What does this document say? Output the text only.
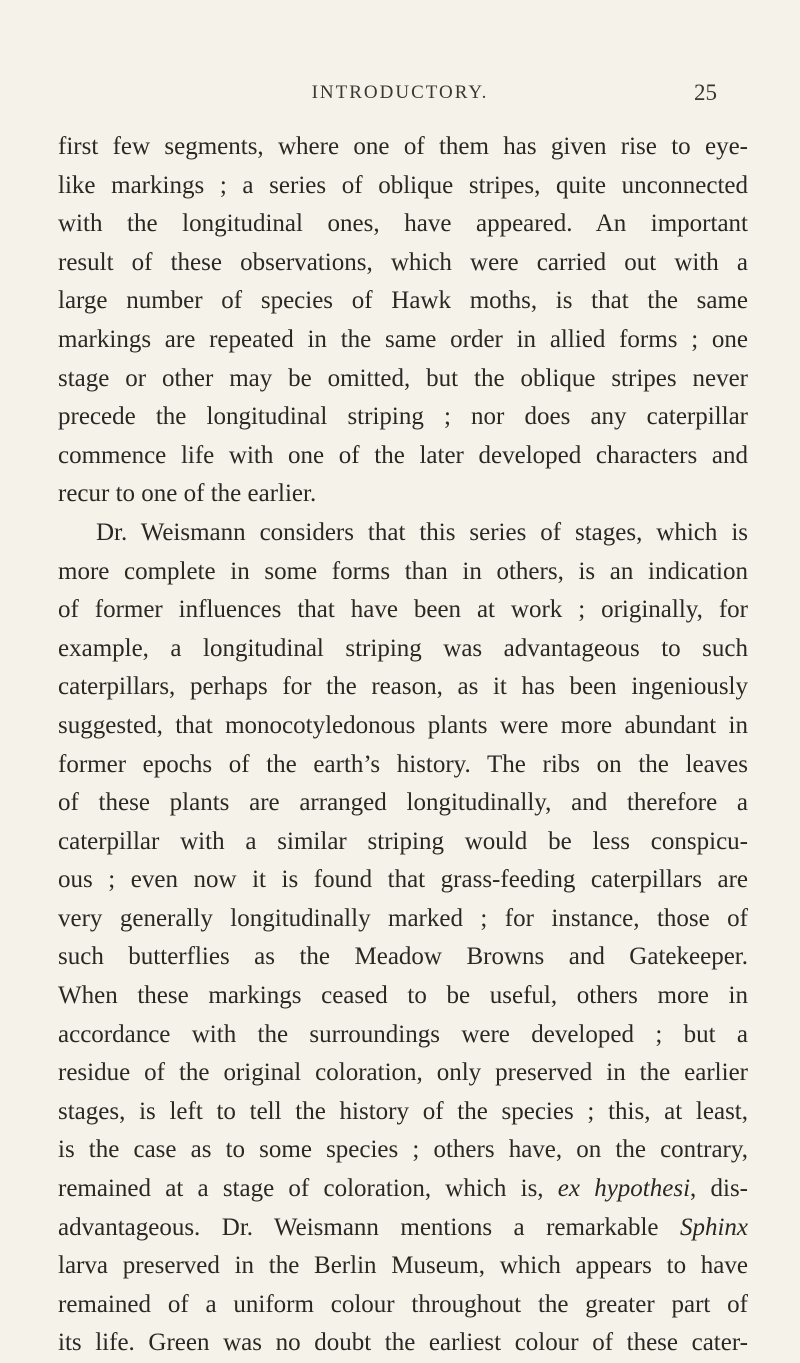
INTRODUCTORY.	25
first few segments, where one of them has given rise to eye-
like markings ; a series of oblique stripes, quite unconnected
with the longitudinal ones, have appeared. An important
result of these observations, which were carried out with a
large number of species of Hawk moths, is that the same
markings are repeated in the same order in allied forms ; one
stage or other may be omitted, but the oblique stripes never
precede the longitudinal striping ; nor does any caterpillar
commence life with one of the later developed characters and
recur to one of the earlier.
Dr. Weismann considers that this series of stages, which is
more complete in some forms than in others, is an indication
of former influences that have been at work ; originally, for
example, a longitudinal striping was advantageous to such
caterpillars, perhaps for the reason, as it has been ingeniously
suggested, that monocotyledonous plants were more abundant in
former epochs of the earth’s history. The ribs on the leaves
of these plants are arranged longitudinally, and therefore a
caterpillar with a similar striping would be less conspicu-
ous ; even now it is found that grass-feeding caterpillars are
very generally longitudinally marked ; for instance, those of
such butterflies as the Meadow Browns and Gatekeeper.
When these markings ceased to be useful, others more in
accordance with the surroundings were developed ; but a
residue of the original coloration, only preserved in the earlier
stages, is left to tell the history of the species ; this, at least,
is the case as to some species ; others have, on the contrary,
remained at a stage of coloration, which is, ex hypothesi, dis-
advantageous. Dr. Weismann mentions a remarkable Sphinx
larva preserved in the Berlin Museum, which appears to have
remained of a uniform colour throughout the greater part of
its life. Green was no doubt the earliest colour of these cater-
